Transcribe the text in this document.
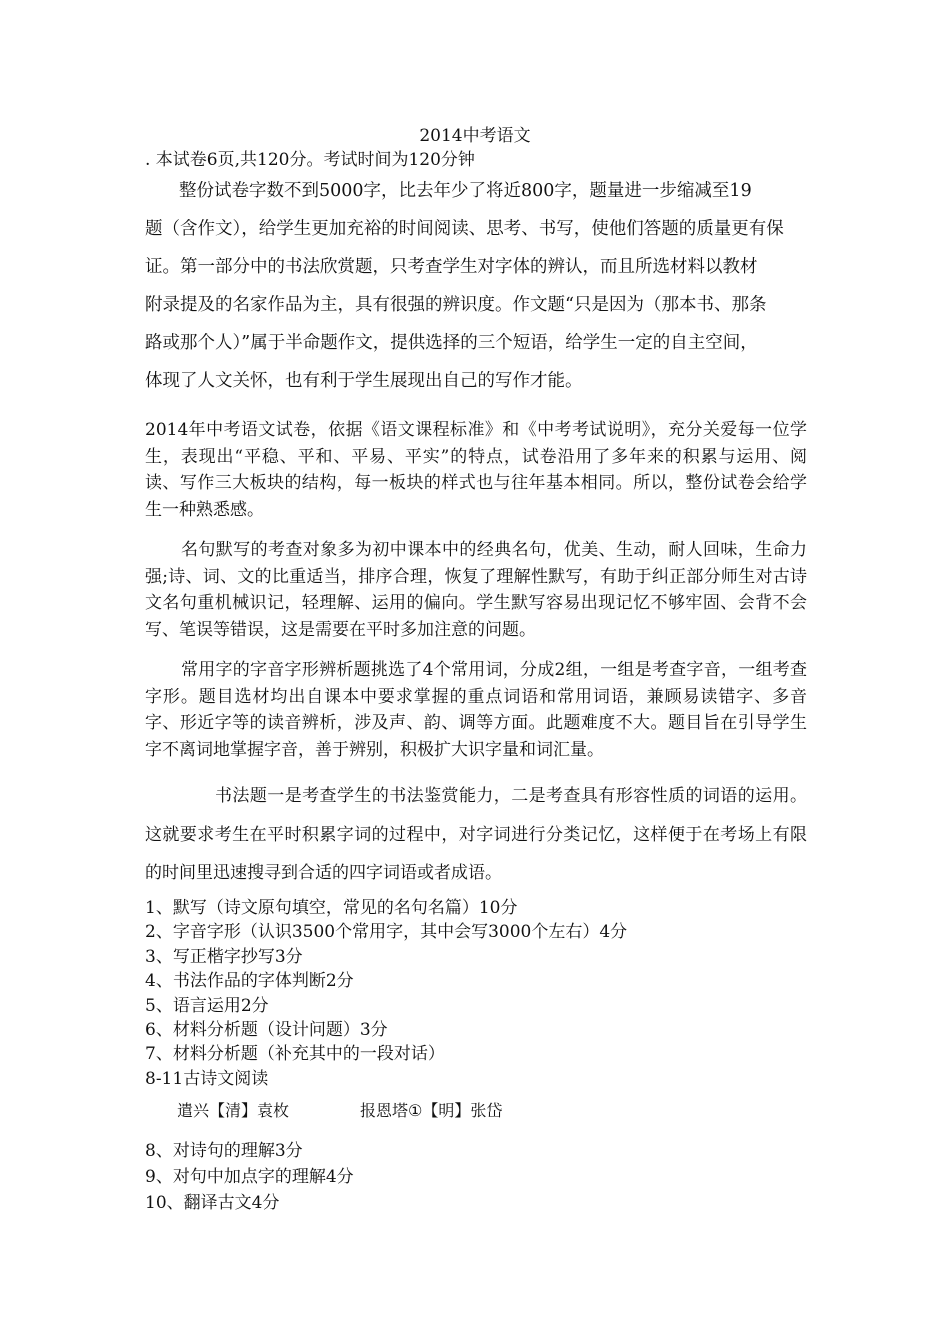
2014中考语文
. 本试卷6页,共120分。考试时间为120分钟
整份试卷字数不到5000字，比去年少了将近800字，题量进一步缩减至19
题（含作文），给学生更加充裕的时间阅读、思考、书写，使他们答题的质量更有保
证。第一部分中的书法欣赏题，只考查学生对字体的辨认，而且所选材料以教材
附录提及的名家作品为主，具有很强的辨识度。作文题“只是因为（那本书、那条
路或那个人）”属于半命题作文，提供选择的三个短语，给学生一定的自主空间，
体现了人文关怀，也有利于学生展现出自己的写作才能。
2014年中考语文试卷，依据《语文课程标准》和《中考考试说明》，充分关爱每一位学生，表现出“平稳、平和、平易、平实”的特点，试卷沿用了多年来的积累与运用、阅读、写作三大板块的结构，每一板块的样式也与往年基本相同。所以，整份试卷会给学生一种熟悉感。
名句默写的考查对象多为初中课本中的经典名句，优美、生动，耐人回味，生命力强;诗、词、文的比重适当，排序合理，恢复了理解性默写，有助于纠正部分师生对古诗文名句重机械识记，轻理解、运用的偏向。学生默写容易出现记忆不够牢固、会背不会写、笔误等错误，这是需要在平时多加注意的问题。
常用字的字音字形辨析题挑选了4个常用词，分成2组，一组是考查字音，一组考查字形。题目选材均出自课本中要求掌握的重点词语和常用词语，兼顾易读错字、多音字、形近字等的读音辨析，涉及声、韵、调等方面。此题难度不大。题目旨在引导学生字不离词地掌握字音，善于辨别，积极扩大识字量和词汇量。
书法题一是考查学生的书法鉴赏能力，二是考查具有形容性质的词语的运用。这就要求考生在平时积累字词的过程中，对字词进行分类记忆，这样便于在考场上有限的时间里迅速搜寻到合适的四字词语或者成语。
1、默写（诗文原句填空，常见的名句名篇）10分
2、字音字形（认识3500个常用字，其中会写3000个左右）4分
3、写正楷字抄写3分
4、书法作品的字体判断2分
5、语言运用2分
6、材料分析题（设计问题）3分
7、材料分析题（补充其中的一段对话）
8-11古诗文阅读
遣兴【清】袁枚	报恩塔①【明】张岱
8、对诗句的理解3分
9、对句中加点字的理解4分
10、翻译古文4分
